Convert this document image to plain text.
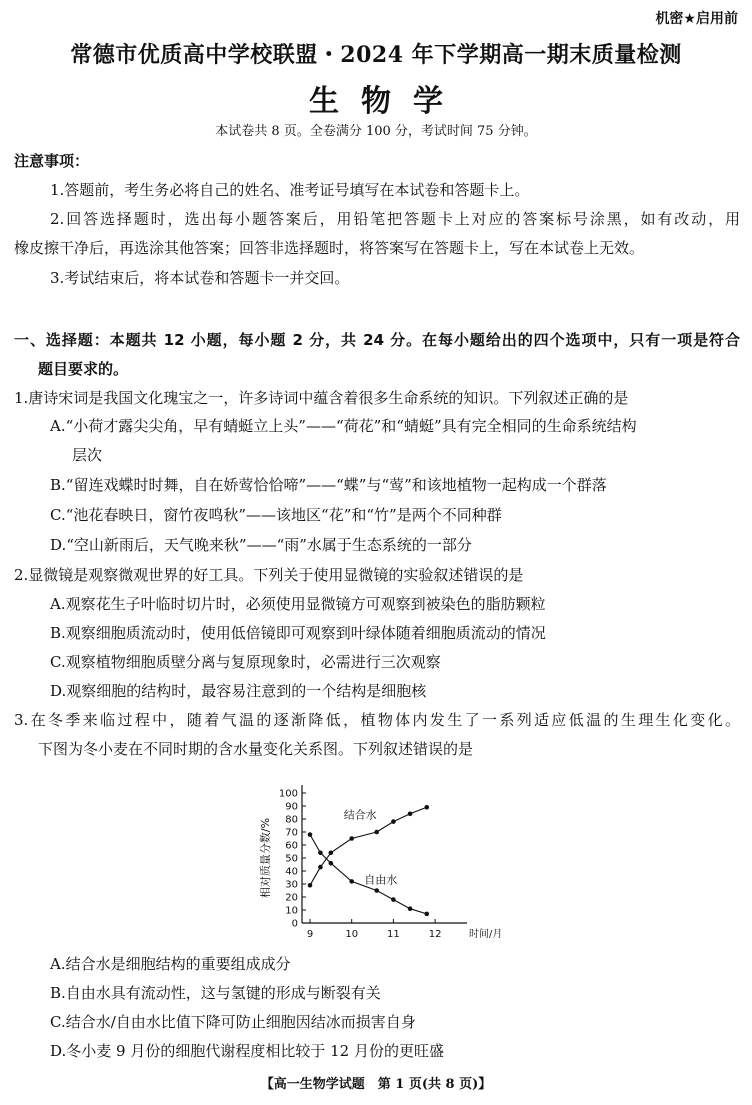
机密★启用前
常德市优质高中学校联盟・2024 年下学期高一期末质量检测
生物学
本试卷共 8 页。全卷满分 100 分，考试时间 75 分钟。
注意事项：
1.答题前，考生务必将自己的姓名、准考证号填写在本试卷和答题卡上。
2.回答选择题时，选出每小题答案后，用铅笔把答题卡上对应的答案标号涂黑，如有改动，用
橡皮擦干净后，再选涂其他答案；回答非选择题时，将答案写在答题卡上，写在本试卷上无效。
3.考试结束后，将本试卷和答题卡一并交回。
一、选择题：本题共 12 小题，每小题 2 分，共 24 分。在每小题给出的四个选项中，只有一项是符合
题目要求的。
1.唐诗宋词是我国文化瑰宝之一，许多诗词中蕴含着很多生命系统的知识。下列叙述正确的是
A.“小荷才露尖尖角，早有蜻蜓立上头”——“荷花”和“蜻蜓”具有完全相同的生命系统结构
层次
B.“留连戏蝶时时舞，自在娇莺恰恰啼”——“蝶”与“莺”和该地植物一起构成一个群落
C.“池花春映日，窗竹夜鸣秋”——该地区“花”和“竹”是两个不同种群
D.“空山新雨后，天气晚来秋”——“雨”水属于生态系统的一部分
2.显微镜是观察微观世界的好工具。下列关于使用显微镜的实验叙述错误的是
A.观察花生子叶临时切片时，必须使用显微镜方可观察到被染色的脂肪颗粒
B.观察细胞质流动时，使用低倍镜即可观察到叶绿体随着细胞质流动的情况
C.观察植物细胞质壁分离与复原现象时，必需进行三次观察
D.观察细胞的结构时，最容易注意到的一个结构是细胞核
3.在冬季来临过程中，随着气温的逐渐降低，植物体内发生了一系列适应低温的生理生化变化。
下图为冬小麦在不同时期的含水量变化关系图。下列叙述错误的是
0
10
20
30
40
50
60
70
80
90
100
9	10	11	12	时间/月
相对质量分数/%
结合水
自由水
A.结合水是细胞结构的重要组成成分
B.自由水具有流动性，这与氢键的形成与断裂有关
C.结合水/自由水比值下降可防止细胞因结冰而损害自身
D.冬小麦 9 月份的细胞代谢程度相比较于 12 月份的更旺盛
【高一生物学试题　第 1 页(共 8 页)】
